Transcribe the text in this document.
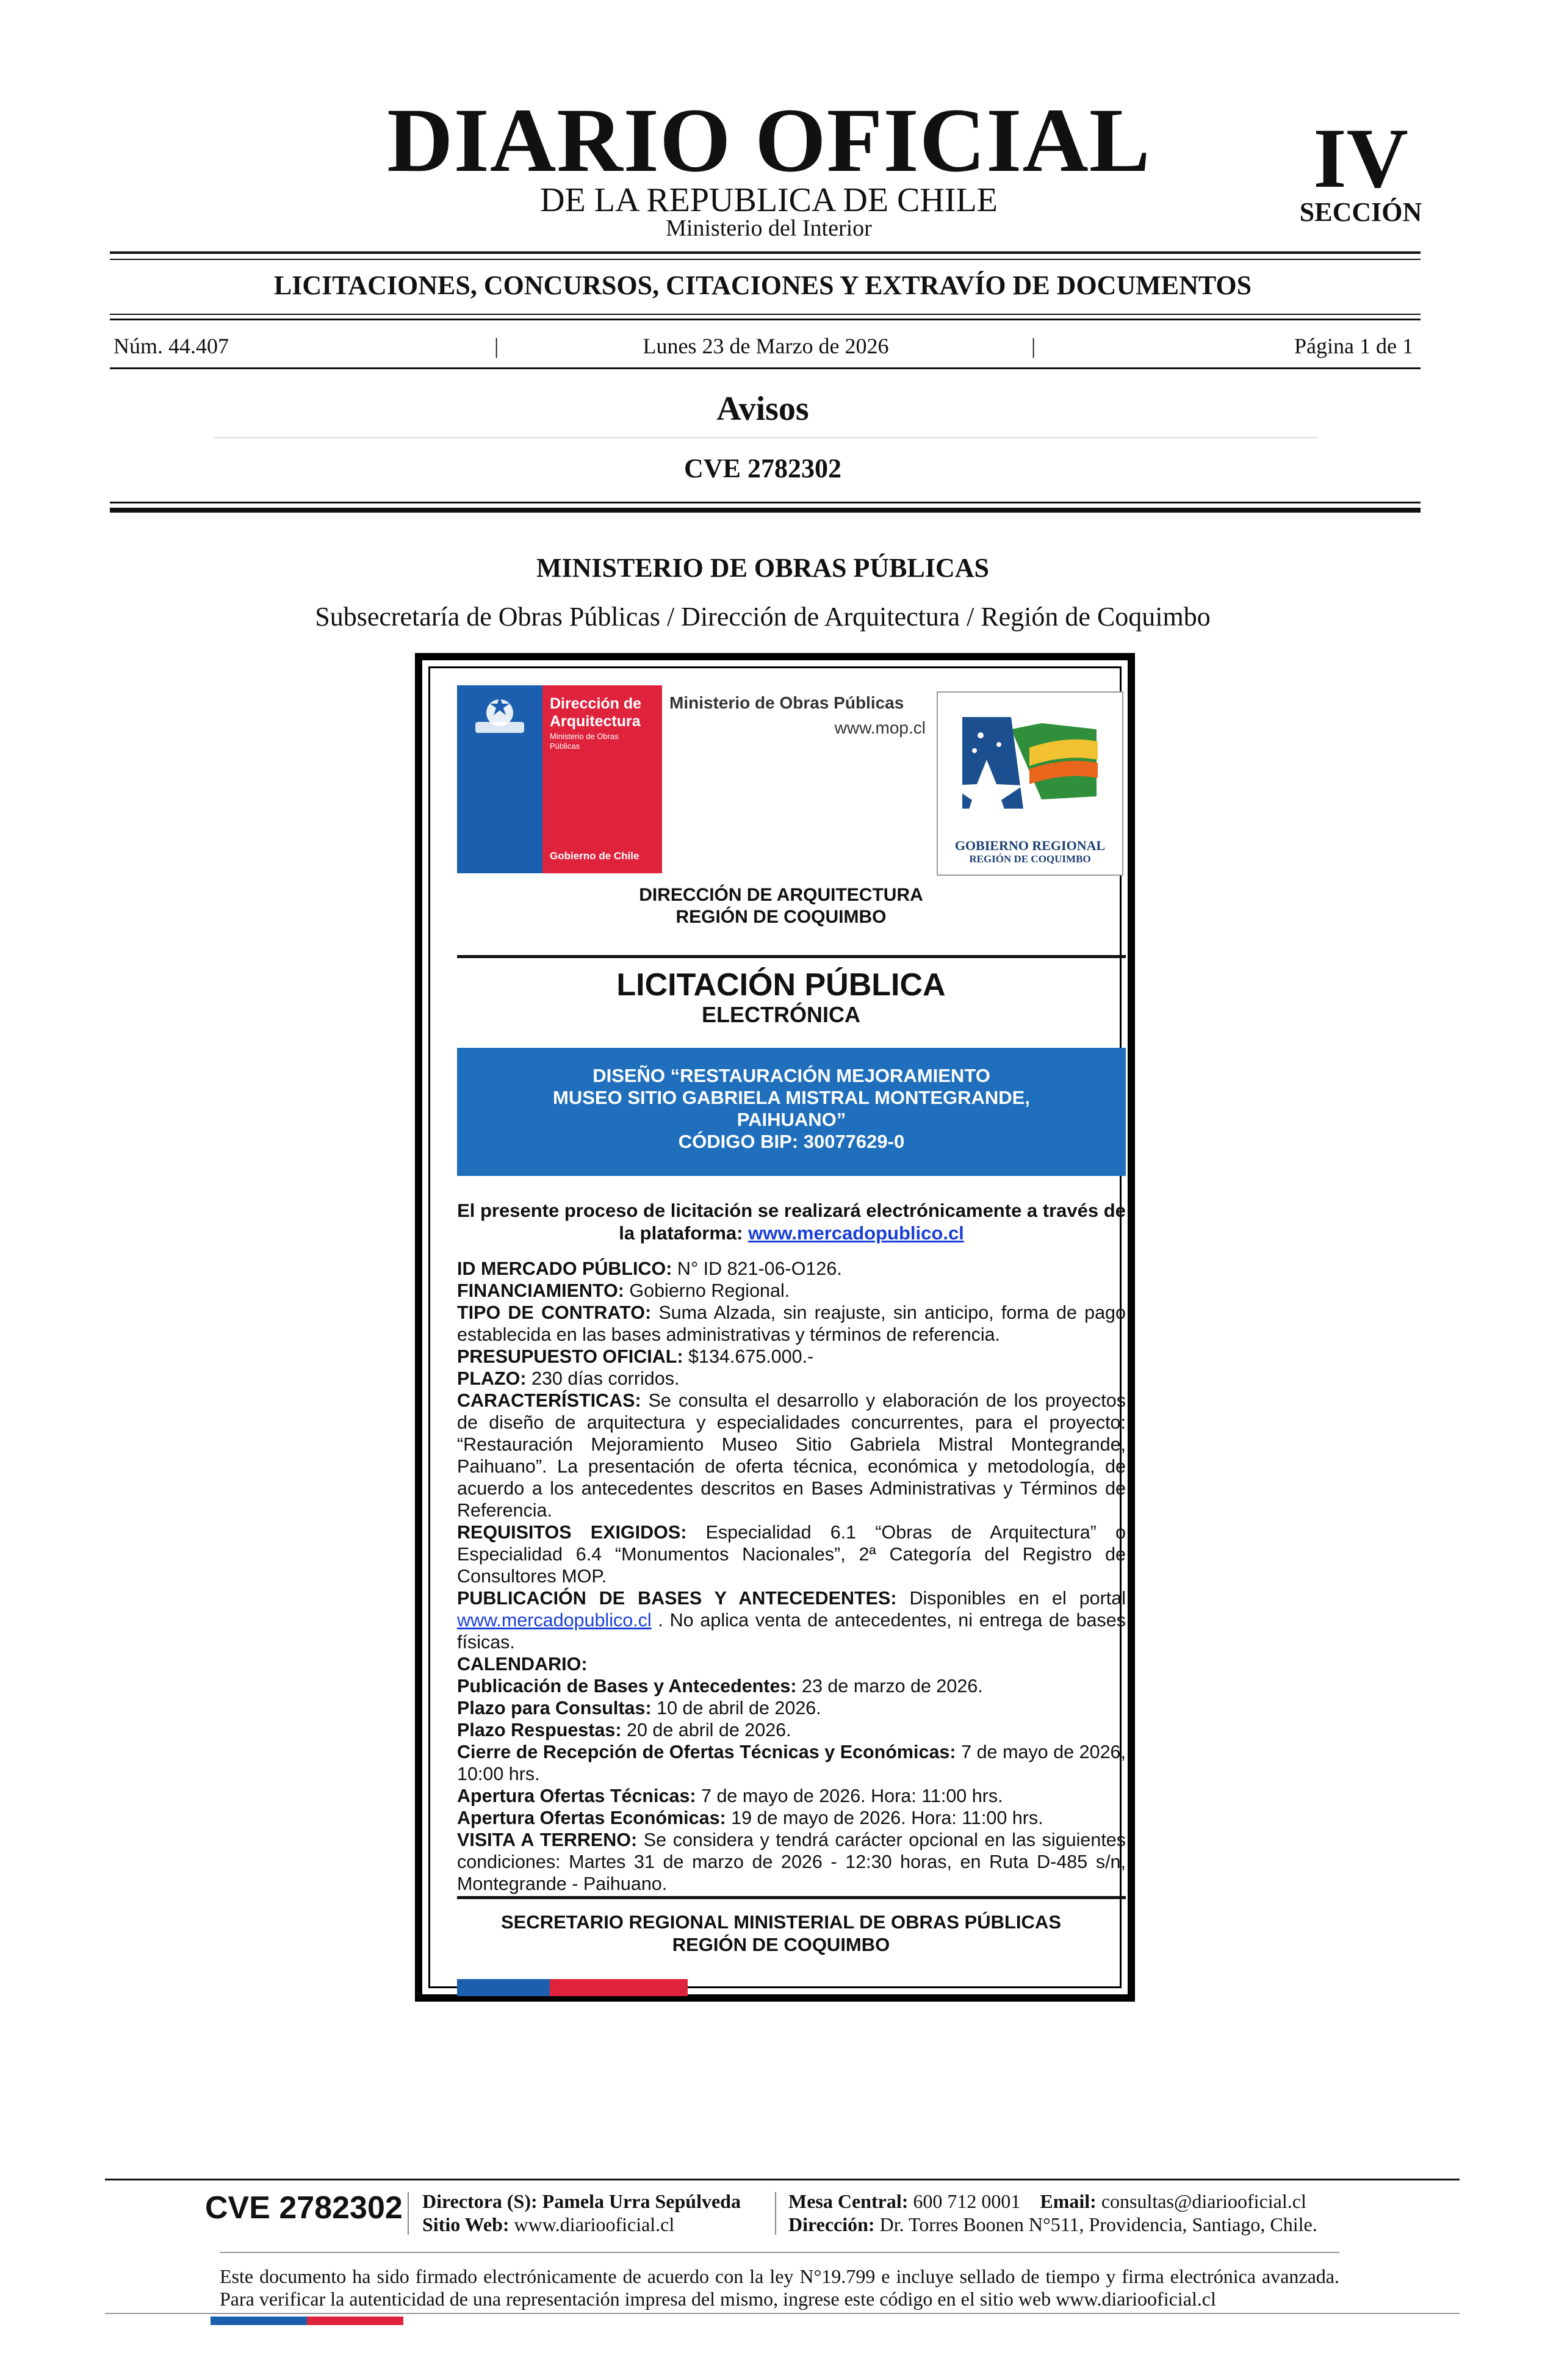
DIARIO OFICIAL
DE LA REPUBLICA DE CHILE
Ministerio del Interior
IV
SECCIÓN
LICITACIONES, CONCURSOS, CITACIONES Y EXTRAVÍO DE DOCUMENTOS
Núm. 44.407	|	Lunes 23 de Marzo de 2026	|	Página 1 de 1
Avisos
CVE 2782302
MINISTERIO DE OBRAS PÚBLICAS
Subsecretaría de Obras Públicas / Dirección de Arquitectura / Región de Coquimbo
Dirección de
Arquitectura
Ministerio de Obras
Públicas
Gobierno de Chile
Ministerio de Obras Públicas
www.mop.cl
GOBIERNO REGIONAL
REGIÓN DE COQUIMBO
DIRECCIÓN DE ARQUITECTURA
REGIÓN DE COQUIMBO
LICITACIÓN PÚBLICA
ELECTRÓNICA
DISEÑO “RESTAURACIÓN MEJORAMIENTO
MUSEO SITIO GABRIELA MISTRAL MONTEGRANDE,
PAIHUANO”
CÓDIGO BIP: 30077629-0
El presente proceso de licitación se realizará electrónicamente a través de la plataforma: www.mercadopublico.cl

ID MERCADO PÚBLICO: N° ID 821-06-O126.

FINANCIAMIENTO: Gobierno Regional.

TIPO DE CONTRATO: Suma Alzada, sin reajuste, sin anticipo, forma de pago establecida en las bases administrativas y términos de referencia.

PRESUPUESTO OFICIAL: $134.675.000.-

PLAZO: 230 días corridos.

CARACTERÍSTICAS: Se consulta el desarrollo y elaboración de los proyectos de diseño de arquitectura y especialidades concurrentes, para el proyecto: “Restauración Mejoramiento Museo Sitio Gabriela Mistral Montegrande, Paihuano”. La presentación de oferta técnica, económica y metodología, de acuerdo a los antecedentes descritos en Bases Administrativas y Términos de Referencia.

REQUISITOS EXIGIDOS: Especialidad 6.1 “Obras de Arquitectura” o Especialidad 6.4 “Monumentos Nacionales”, 2ª Categoría del Registro de Consultores MOP.

PUBLICACIÓN DE BASES Y ANTECEDENTES: Disponibles en el portal www.mercadopublico.cl . No aplica venta de antecedentes, ni entrega de bases físicas.

CALENDARIO:

Publicación de Bases y Antecedentes: 23 de marzo de 2026.

Plazo para Consultas: 10 de abril de 2026.

Plazo Respuestas: 20 de abril de 2026.

Cierre de Recepción de Ofertas Técnicas y Económicas: 7 de mayo de 2026, 10:00 hrs.

Apertura Ofertas Técnicas: 7 de mayo de 2026. Hora: 11:00 hrs.

Apertura Ofertas Económicas: 19 de mayo de 2026. Hora: 11:00 hrs.

VISITA A TERRENO: Se considera y tendrá carácter opcional en las siguientes condiciones: Martes 31 de marzo de 2026 - 12:30 horas, en Ruta D-485 s/n, Montegrande - Paihuano.

SECRETARIO REGIONAL MINISTERIAL DE OBRAS PÚBLICAS
REGIÓN DE COQUIMBO
CVE 2782302 Directora (S): Pamela Urra Sepúlveda
Sitio Web: www.diariooficial.cl
Mesa Central: 600 712 0001 Email: consultas@diariooficial.cl
Dirección: Dr. Torres Boonen N°511, Providencia, Santiago, Chile.
Este documento ha sido firmado electrónicamente de acuerdo con la ley N°19.799 e incluye sellado de tiempo y firma electrónica avanzada. Para verificar la autenticidad de una representación impresa del mismo, ingrese este código en el sitio web www.diariooficial.cl
